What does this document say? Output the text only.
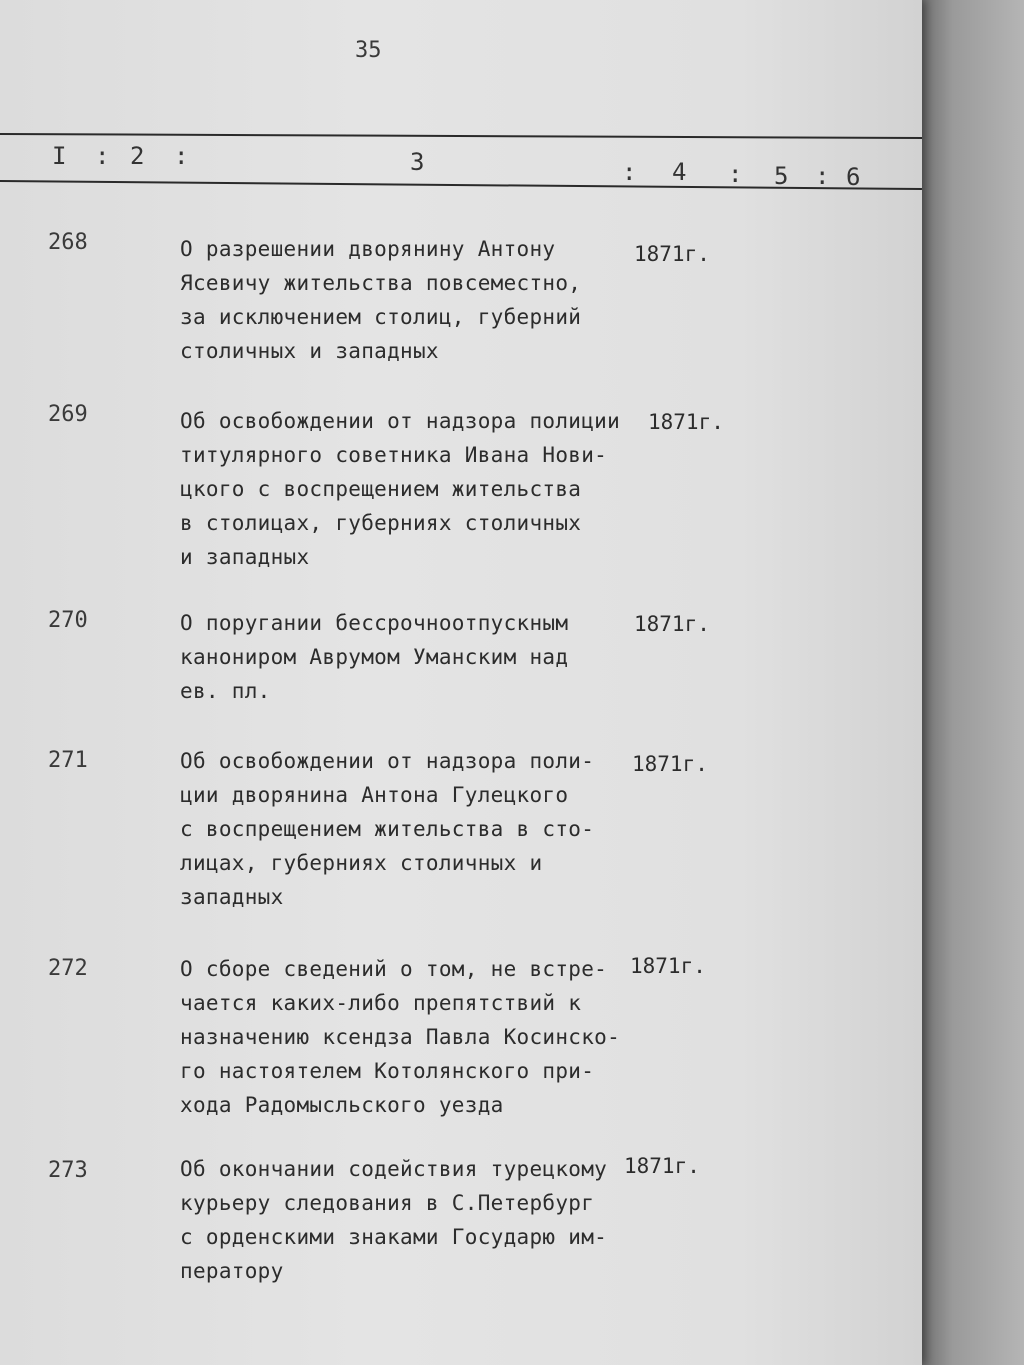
35
I : 2 :	3	: 4 : 5 : 6
268	О разрешении дворянину Антону
Ясевичу жительства повсеместно,
за исключением столиц, губерний
столичных и западных
1871г.
269	Об освобождении от надзора полиции
титулярного советника Ивана Нови-
цкого с воспрещением жительства
в столицах, губерниях столичных
и западных
1871г.
270	О поругании бессрочноотпускным
канониром Аврумом Уманским над
ев. пл.
1871г.
271	Об освобождении от надзора поли-
ции дворянина Антона Гулецкого
с воспрещением жительства в сто-
лицах, губерниях столичных и
западных
1871г.
272	О сборе сведений о том, не встре-
чается каких-либо препятствий к
назначению ксендза Павла Косинско-
го настоятелем Котолянского при-
хода Радомысльского уезда
1871г.
273	Об окончании содействия турецкому
курьеру следования в С.Петербург
с орденскими знаками Государю им-
ператору
1871г.
